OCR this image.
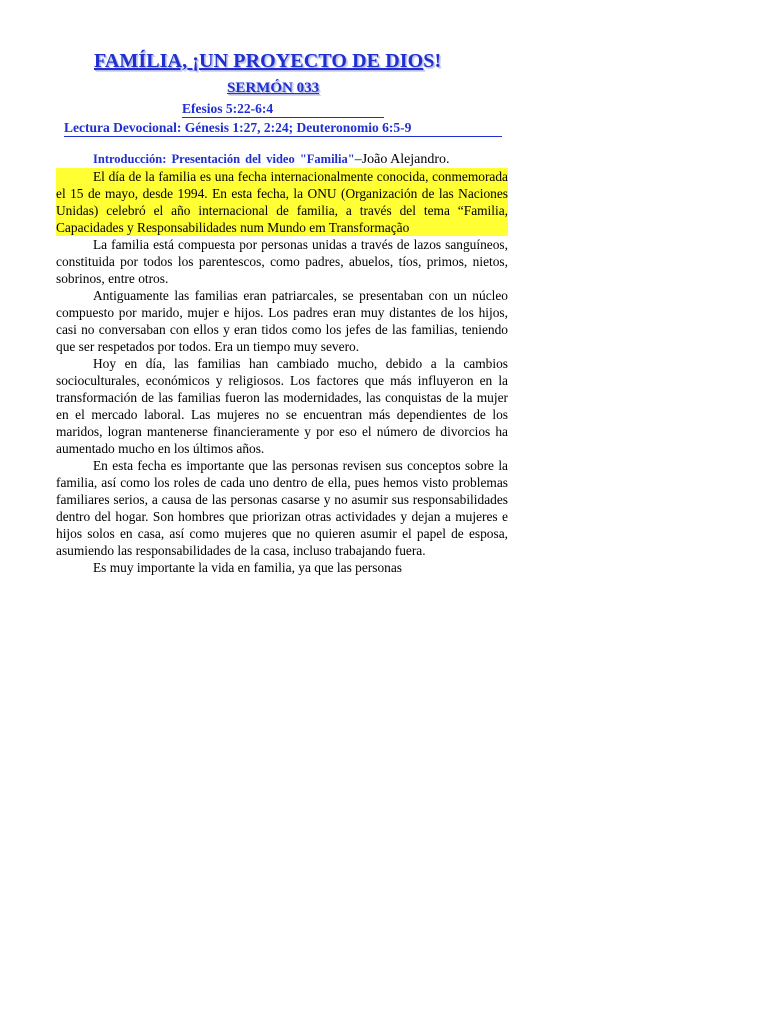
FAMÍLIA, ¡UN PROYECTO DE DIOS!
SERMÓN 033
Efesios 5:22-6:4
Lectura Devocional: Génesis 1:27, 2:24; Deuteronomio 6:5-9

Introducción: Presentación del video "Familia"–João Alejandro.

El día de la familia es una fecha internacionalmente conocida, conmemorada el 15 de mayo, desde 1994. En esta fecha, la ONU (Organización de las Naciones Unidas) celebró el año internacional de familia, a través del tema “Familia, Capacidades y Responsabilidades num Mundo em Transformação

La familia está compuesta por personas unidas a través de lazos sanguíneos, constituida por todos los parentescos, como padres, abuelos, tíos, primos, nietos, sobrinos, entre otros.

Antiguamente las familias eran patriarcales, se presentaban con un núcleo compuesto por marido, mujer e hijos. Los padres eran muy distantes de los hijos, casi no conversaban con ellos y eran tidos como los jefes de las familias, teniendo que ser respetados por todos. Era un tiempo muy severo.

Hoy en día, las familias han cambiado mucho, debido a la cambios socioculturales, económicos y religiosos. Los factores que más influyeron en la transformación de las familias fueron las modernidades, las conquistas de la mujer en el mercado laboral. Las mujeres no se encuentran más dependientes de los maridos, logran mantenerse financieramente y por eso el número de divorcios ha aumentado mucho en los últimos años.

En esta fecha es importante que las personas revisen sus conceptos sobre la familia, así como los roles de cada uno dentro de ella, pues hemos visto problemas familiares serios, a causa de las personas casarse y no asumir sus responsabilidades dentro del hogar. Son hombres que priorizan otras actividades y dejan a mujeres e hijos solos en casa, así como mujeres que no quieren asumir el papel de esposa, asumiendo las responsabilidades de la casa, incluso trabajando fuera.

Es muy importante la vida en familia, ya que las personas
